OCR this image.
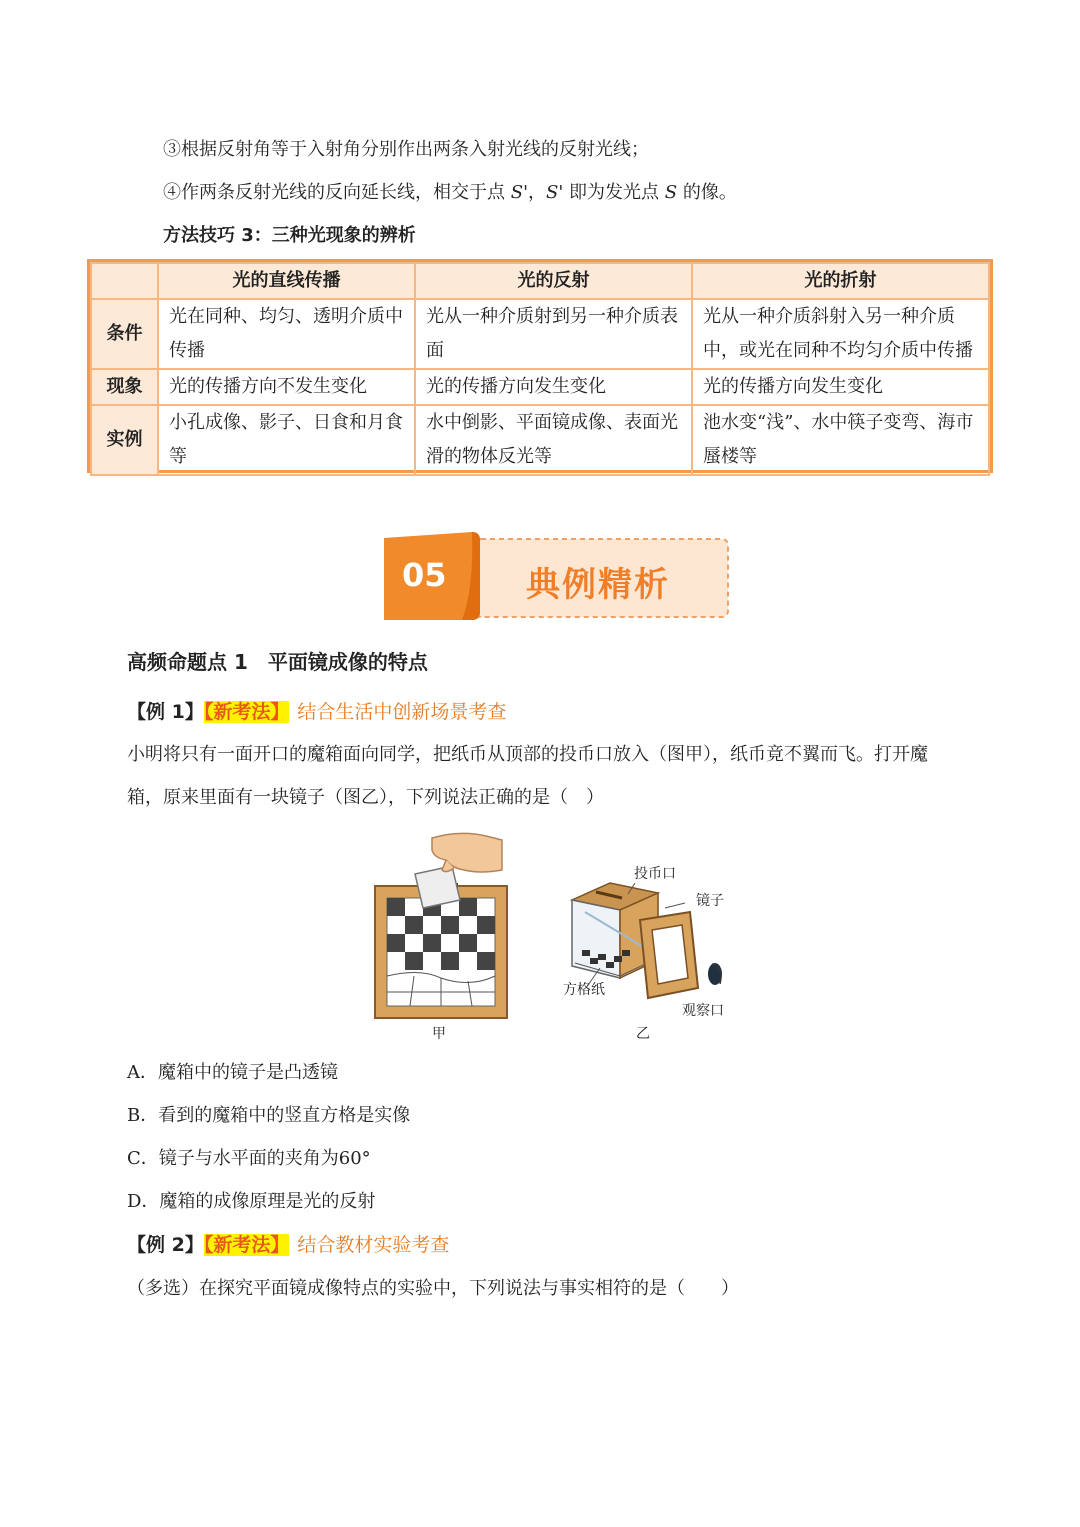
③根据反射角等于入射角分别作出两条入射光线的反射光线；
④作两条反射光线的反向延长线，相交于点 S'，S' 即为发光点 S 的像。
方法技巧 3：三种光现象的辨析
	光的直线传播	光的反射	光的折射
条件	光在同种、均匀、透明介质中传播	光从一种介质射到另一种介质表面	光从一种介质斜射入另一种介质中，或光在同种不均匀介质中传播
现象	光的传播方向不发生变化	光的传播方向发生变化	光的传播方向发生变化
实例	小孔成像、影子、日食和月食等	水中倒影、平面镜成像、表面光滑的物体反光等	池水变“浅”、水中筷子变弯、海市蜃楼等
05 典例精析
高频命题点 1　平面镜成像的特点
【例 1】【新考法】 结合生活中创新场景考查
小明将只有一面开口的魔箱面向同学，把纸币从顶部的投币口放入（图甲），纸币竟不翼而飞。打开魔
箱，原来里面有一块镜子（图乙），下列说法正确的是（　）
投币口
镜子
方格纸
观察口
甲	乙
A．魔箱中的镜子是凸透镜
B．看到的魔箱中的竖直方格是实像
C．镜子与水平面的夹角为60°
D．魔箱的成像原理是光的反射
【例 2】【新考法】 结合教材实验考查
（多选）在探究平面镜成像特点的实验中，下列说法与事实相符的是（　　）
